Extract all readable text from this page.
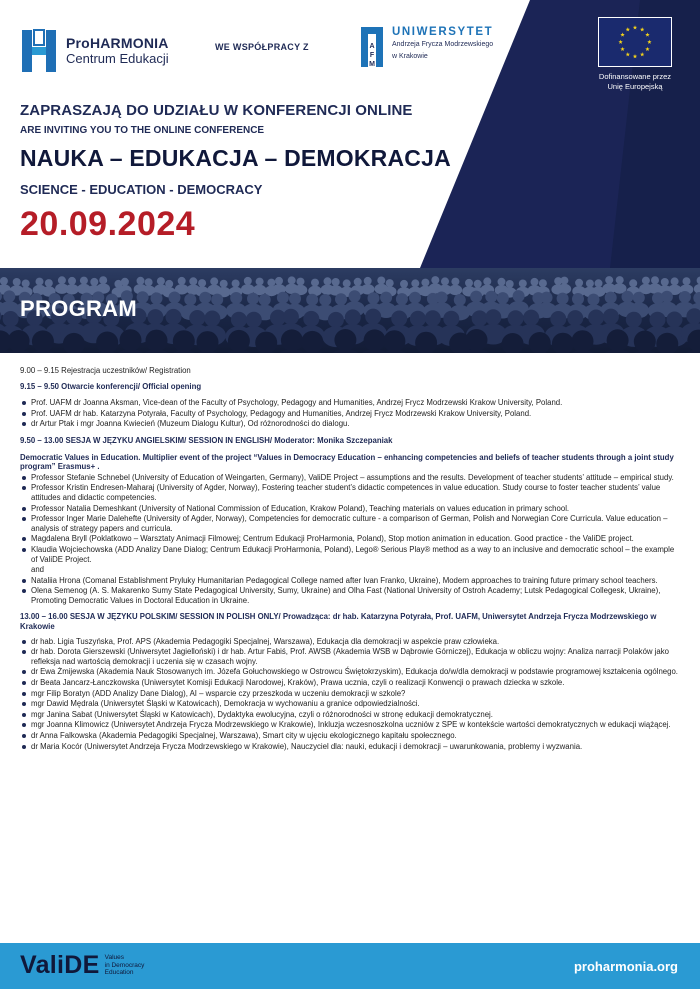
ProHARMONIA
Centrum Edukacji
WE WSPÓŁPRACY Z	A
F
M
UNIWERSYTET
Andrzeja Frycza Modrzewskiego
w Krakowie
Dofinansowane przez
Unię Europejską
ZAPRASZAJĄ DO UDZIAŁU W KONFERENCJI ONLINE
ARE INVITING YOU TO THE ONLINE CONFERENCE
NAUKA – EDUKACJA – DEMOKRACJA
SCIENCE - EDUCATION - DEMOCRACY
20.09.2024
PROGRAM
9.00 – 9.15 Rejestracja uczestników/ Registration
9.15 – 9.50 Otwarcie konferencji/ Official opening
Prof. UAFM dr Joanna Aksman, Vice-dean of the Faculty of Psychology, Pedagogy and Humanities, Andrzej Frycz Modrzewski Krakow University, Poland.
Prof. UAFM dr hab. Katarzyna Potyrała, Faculty of Psychology, Pedagogy and Humanities, Andrzej Frycz Modrzewski Krakow University, Poland.
dr Artur Ptak i mgr Joanna Kwiecień (Muzeum Dialogu Kultur), Od różnorodności do dialogu.
9.50 – 13.00 SESJA W JĘZYKU ANGIELSKIM/ SESSION IN ENGLISH/ Moderator: Monika Szczepaniak
Democratic Values in Education. Multiplier event of the project “Values in Democracy Education – enhancing competencies and beliefs of teacher students through a joint study program” Erasmus+ .
Professor Stefanie Schnebel (University of Education of Weingarten, Germany), ValiDE Project – assumptions and the results. Development of teacher students’ attitude – empirical study.
Professor Kristin Endresen-Maharaj (University of Agder, Norway), Fostering teacher student’s didactic competences in value education. Study course to foster teacher students’ value attitudes and didactic competencies.
Professor Natalia Demeshkant (University of National Commission of Education, Krakow Poland), Teaching materials on values education in primary school.
Professor Inger Marie Dalehefte (University of Agder, Norway), Competencies for democratic culture - a comparison of German, Polish and Norwegian Core Curricula. Value education – analysis of strategy papers and curricula.
Magdalena Bryll (Poklatkowo – Warsztaty Animacji Filmowej; Centrum Edukacji ProHarmonia, Poland), Stop motion animation in education. Good practice - the ValiDE project.
Klaudia Wojciechowska (ADD Analizy Dane Dialog; Centrum Edukacji ProHarmonia, Poland), Lego® Serious Play® method as a way to an inclusive and democratic school – the example of ValiDE Project.
and
Nataliia Hrona (Comanal Establishment Pryluky Humanitarian Pedagogical College named after Ivan Franko, Ukraine), Modern approaches to training future primary school teachers.
Olena Semenog (A. S. Makarenko Sumy State Pedagogical University, Sumy, Ukraine) and Olha Fast (National University of Ostroh Academy; Lutsk Pedagogical Collegesk, Ukraine), Promoting Democratic Values in Doctoral Education in Ukraine.
13.00 – 16.00 SESJA W JĘZYKU POLSKIM/ SESSION IN POLISH ONLY/ Prowadząca: dr hab. Katarzyna Potyrała, Prof. UAFM, Uniwersytet Andrzeja Frycza Modrzewskiego w Krakowie
dr hab. Ligia Tuszyńska, Prof. APS (Akademia Pedagogiki Specjalnej, Warszawa), Edukacja dla demokracji w aspekcie praw człowieka.
dr hab. Dorota Gierszewski (Uniwersytet Jagielloński) i dr hab. Artur Fabiś, Prof. AWSB (Akademia WSB w Dąbrowie Górniczej), Edukacja w obliczu wojny: Analiza narracji Polaków jako refleksja nad wartością demokracji i uczenia się w czasach wojny.
dr Ewa Żmijewska (Akademia Nauk Stosowanych im. Józefa Gołuchowskiego w Ostrowcu Świętokrzyskim), Edukacja do/w/dla demokracji w podstawie programowej kształcenia ogólnego.
dr Beata Jancarz-Łanczkowska (Uniwersytet Komisji Edukacji Narodowej, Kraków), Prawa ucznia, czyli o realizacji Konwencji o prawach dziecka w szkole.
mgr Filip Boratyn (ADD Analizy Dane Dialog), AI – wsparcie czy przeszkoda w uczeniu demokracji w szkole?
mgr Dawid Mędrala (Uniwersytet Śląski w Katowicach), Demokracja w wychowaniu a granice odpowiedzialności.
mgr Janina Sabat (Uniwersytet Śląski w Katowicach), Dydaktyka ewolucyjna, czyli o różnorodności w stronę edukacji demokratycznej.
mgr Joanna Klimowicz (Uniwersytet Andrzeja Frycza Modrzewskiego w Krakowie), Inkluzja wczesnoszkolna uczniów z SPE w kontekście wartości demokratycznych w edukacji wiążącej.
dr Anna Falkowska (Akademia Pedagogiki Specjalnej, Warszawa), Smart city w ujęciu ekologicznego kapitału społecznego.
dr Maria Kocór (Uniwersytet Andrzeja Frycza Modrzewskiego w Krakowie), Nauczyciel dla: nauki, edukacji i demokracji – uwarunkowania, problemy i wyzwania.
ValiDE Values
in Democracy
Education	proharmonia.org
